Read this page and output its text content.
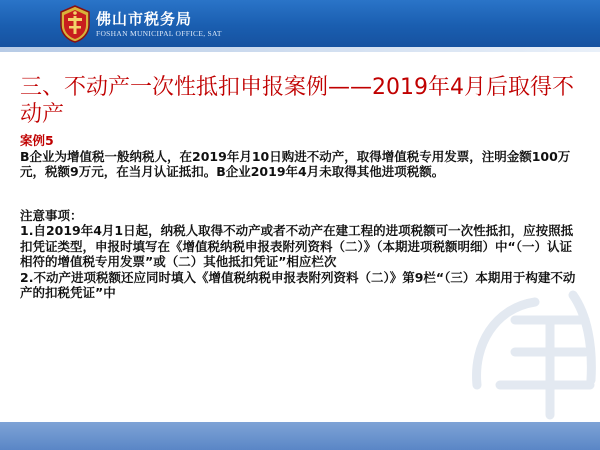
佛山市税务局
FOSHAN MUNICIPAL OFFICE, SAT
三、不动产一次性抵扣申报案例——2019年4月后取得不动产

案例5

B企业为增值税一般纳税人，在2019年月10日购进不动产，取得增值税专用发票，注明金额100万元，税额9万元，在当月认证抵扣。B企业2019年4月未取得其他进项税额。

注意事项：

1.自2019年4月1日起，纳税人取得不动产或者不动产在建工程的进项税额可一次性抵扣，应按照抵扣凭证类型，申报时填写在《增值税纳税申报表附列资料（二）》（本期进项税额明细）中“（一）认证相符的增值税专用发票”或（二）其他抵扣凭证”相应栏次

2.不动产进项税额还应同时填入《增值税纳税申报表附列资料（二）》第9栏“（三）本期用于构建不动产的扣税凭证”中
